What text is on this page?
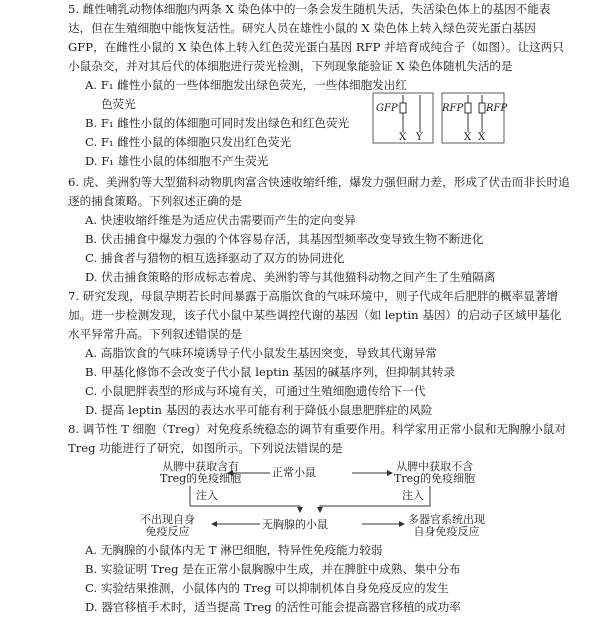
5. 雌性哺乳动物体细胞内两条 X 染色体中的一条会发生随机失活，失活染色体上的基因不能表
达，但在生殖细胞中能恢复活性。研究人员在雄性小鼠的 X 染色体上转入绿色荧光蛋白基因
GFP，在雌性小鼠的 X 染色体上转入红色荧光蛋白基因 RFP 并培育成纯合子（如图）。让这两只
小鼠杂交，并对其后代的体细胞进行荧光检测，下列现象能验证 X 染色体随机失活的是
A. F₁ 雌性小鼠的一些体细胞发出绿色荧光，一些体细胞发出红
色荧光
B. F₁ 雌性小鼠的体细胞可同时发出绿色和红色荧光
C. F₁ 雌性小鼠的体细胞只发出红色荧光
D. F₁ 雄性小鼠的体细胞不产生荧光
GFP	RFP RFP
X Y	X X
6. 虎、美洲豹等大型猫科动物肌肉富含快速收缩纤维，爆发力强但耐力差，形成了伏击而非长时追
逐的捕食策略。下列叙述正确的是
A. 快速收缩纤维是为适应伏击需要而产生的定向变异
B. 伏击捕食中爆发力强的个体容易存活，其基因型频率改变导致生物不断进化
C. 捕食者与猎物的相互选择驱动了双方的协同进化
D. 伏击捕食策略的形成标志着虎、美洲豹等与其他猫科动物之间产生了生殖隔离
7. 研究发现，母鼠孕期若长时间暴露于高脂饮食的气味环境中，则子代成年后肥胖的概率显著增
加。进一步检测发现，该子代小鼠中某些调控代谢的基因（如 leptin 基因）的启动子区域甲基化
水平异常升高。下列叙述错误的是
A. 高脂饮食的气味环境诱导子代小鼠发生基因突变，导致其代谢异常
B. 甲基化修饰不会改变子代小鼠 leptin 基因的碱基序列，但抑制其转录
C. 小鼠肥胖表型的形成与环境有关，可通过生殖细胞遗传给下一代
D. 提高 leptin 基因的表达水平可能有利于降低小鼠患肥胖症的风险
8. 调节性 T 细胞（Treg）对免疫系统稳态的调节有重要作用。科学家用正常小鼠和无胸腺小鼠对
Treg 功能进行了研究，如图所示。下列说法错误的是
从脾中获取含有
Treg的免疫细胞	正常小鼠	从脾中获取不含
Treg的免疫细胞
注入	注入
不出现自身
免疫反应
无胸腺的小鼠	多器官系统出现
自身免疫反应
A. 无胸腺的小鼠体内无 T 淋巴细胞，特异性免疫能力较弱
B. 实验证明 Treg 是在正常小鼠胸腺中生成，并在脾脏中成熟、集中分布
C. 实验结果推测，小鼠体内的 Treg 可以抑制机体自身免疫反应的发生
D. 器官移植手术时，适当提高 Treg 的活性可能会提高器官移植的成功率
